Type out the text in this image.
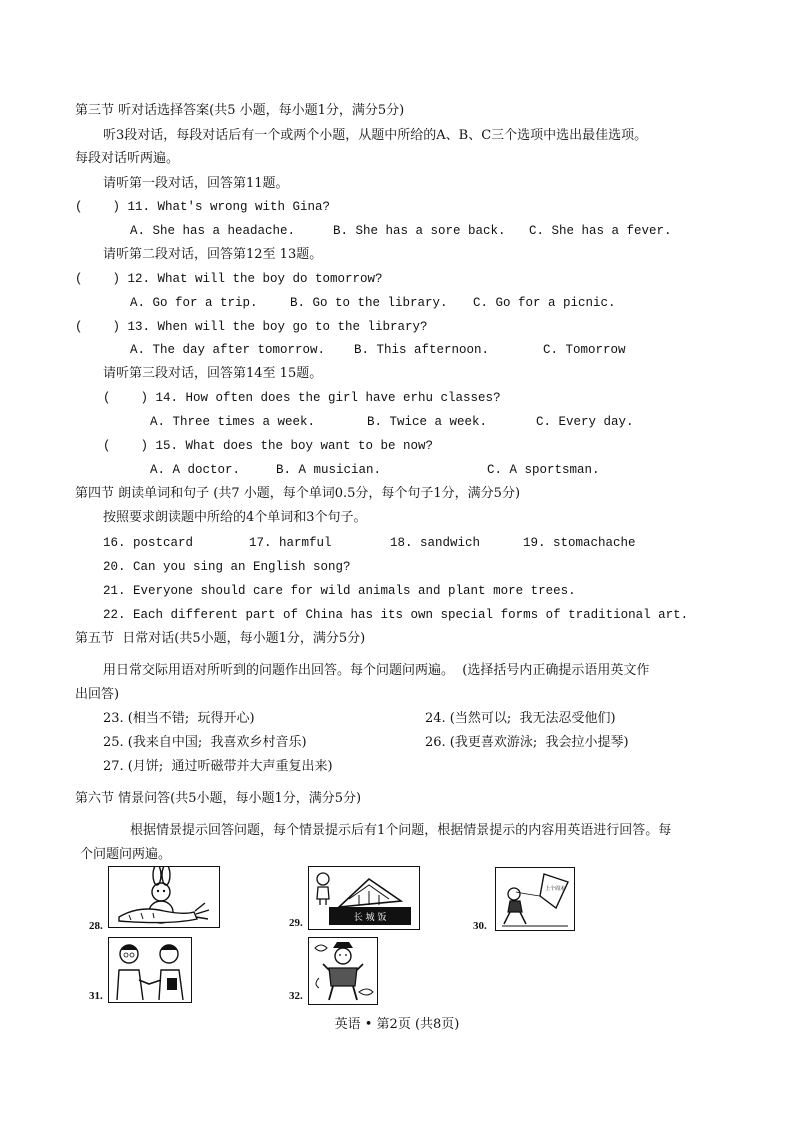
第三节 听对话选择答案(共5 小题，每小题1分，满分5分)
听3段对话，每段对话后有一个或两个小题，从题中所给的A、B、C三个选项中选出最佳选项。
每段对话听两遍。
请听第一段对话，回答第11题。
(    ) 11. What's wrong with Gina?
A. She has a headache.	B. She has a sore back. C. She has a fever.
请听第二段对话，回答第12至 13题。
(    ) 12. What will the boy do tomorrow?
A. Go for a trip.	B. Go to the library. C. Go for a picnic.
(    ) 13. When will the boy go to the library?
A. The day after tomorrow. B. This afternoon.	C. Tomorrow
请听第三段对话，回答第14至 15题。
(    ) 14. How often does the girl have erhu classes?
A. Three times a week.	B. Twice a week.	C. Every day.
(    ) 15. What does the boy want to be now?
A. A doctor.	B. A musician.	C. A sportsman.
第四节 朗读单词和句子 (共7 小题，每个单词0.5分，每个句子1分，满分5分)
按照要求朗读题中所给的4个单词和3个句子。
16. postcard	17. harmful	18. sandwich	19. stomachache
20. Can you sing an English song?
21. Everyone should care for wild animals and plant more trees.
22. Each different part of China has its own special forms of traditional art.
第五节  日常对话(共5小题，每小题1分，满分5分)
用日常交际用语对所听到的问题作出回答。每个问题问两遍。  (选择括号内正确提示语用英文作
出回答)
23. (相当不错;  玩得开心)	24. (当然可以;  我无法忍受他们)
25. (我来自中国;  我喜欢乡村音乐)	26. (我更喜欢游泳;  我会拉小提琴)
27. (月饼;  通过听磁带并大声重复出来)
第六节 情景问答(共5小题，每小题1分，满分5分)
根据情景提示回答问题，每个情景提示后有1个问题，根据情景提示的内容用英语进行回答。每
个问题问两遍。
28.	29.	长 城 饭
30.
上个周末
31.	32.
英语 • 第2页 (共8页)
